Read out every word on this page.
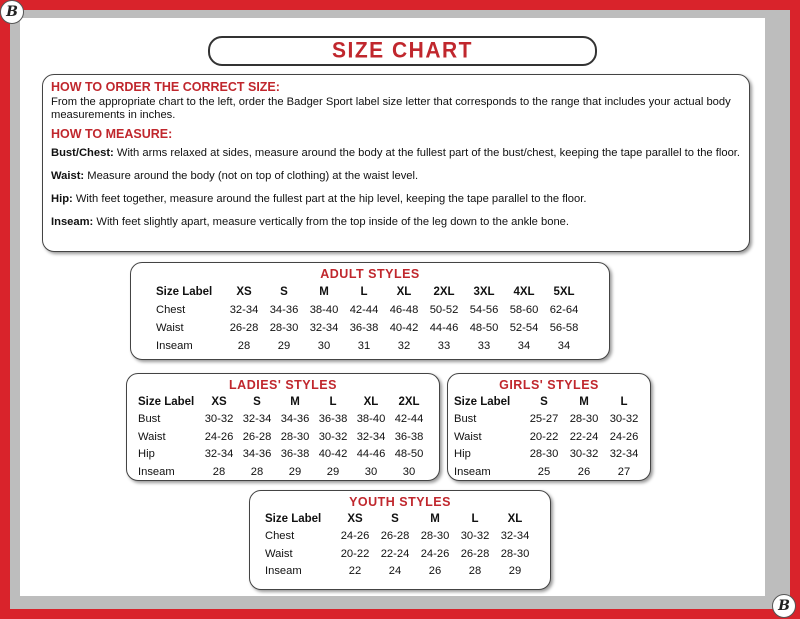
B
B
SIZE CHART
HOW TO ORDER THE CORRECT SIZE:

From the appropriate chart to the left, order the Badger Sport label size letter that corresponds to the range that includes your actual body measurements in inches.

HOW TO MEASURE:

Bust/Chest: With arms relaxed at sides, measure around the body at the fullest part of the bust/chest, keeping the tape parallel to the floor.

Waist: Measure around the body (not on top of clothing) at the waist level.

Hip: With feet together, measure around the fullest part at the hip level, keeping the tape parallel to the floor.

Inseam: With feet slightly apart, measure vertically from the top inside of the leg down to the ankle bone.

ADULT STYLES
Size Label	XS	S	M	L	XL	2XL	3XL	4XL	5XL
Chest	32-34	34-36	38-40	42-44	46-48	50-52	54-56	58-60	62-64
Waist	26-28	28-30	32-34	36-38	40-42	44-46	48-50	52-54	56-58
Inseam	28	29	30	31	32	33	33	34	34
LADIES' STYLES
Size Label	XS	S	M	L	XL	2XL
Bust	30-32	32-34	34-36	36-38	38-40	42-44
Waist	24-26	26-28	28-30	30-32	32-34	36-38
Hip	32-34	34-36	36-38	40-42	44-46	48-50
Inseam	28	28	29	29	30	30
GIRLS' STYLES
Size Label	S	M	L
Bust	25-27	28-30	30-32
Waist	20-22	22-24	24-26
Hip	28-30	30-32	32-34
Inseam	25	26	27
YOUTH STYLES
Size Label	XS	S	M	L	XL
Chest	24-26	26-28	28-30	30-32	32-34
Waist	20-22	22-24	24-26	26-28	28-30
Inseam	22	24	26	28	29
